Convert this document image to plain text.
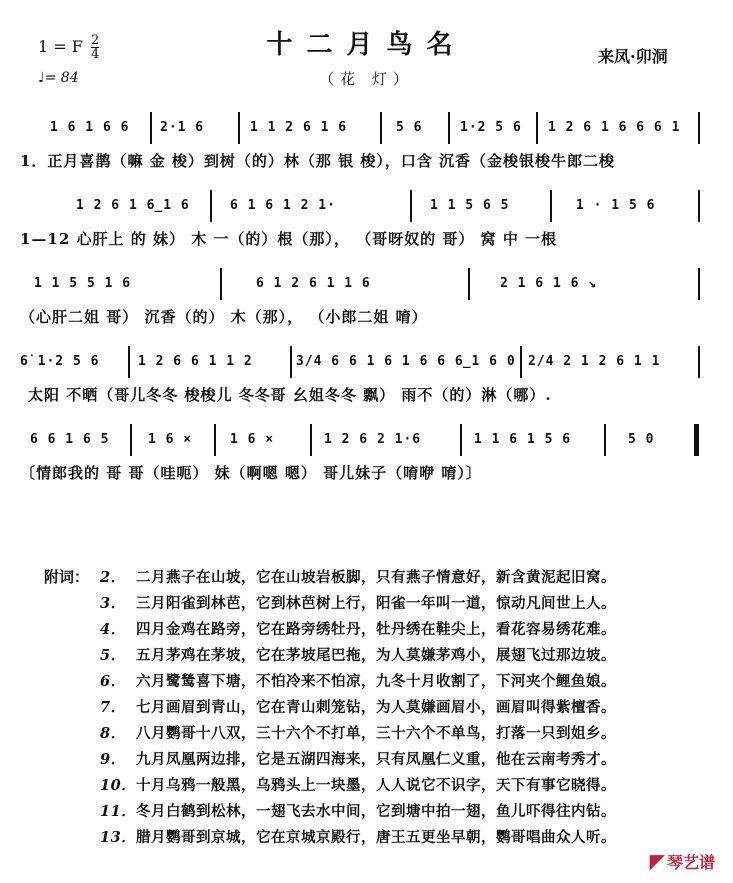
1 = F $\frac{2}{4}$
♩= 84
十二月鸟名
（花 灯）
来凤·卯洞
1 6 1 6 6 2·1 6	1 1 2 6 1 6	5 6	1·2 5 6 1 2 6 1 6 6 6 1
1．正月喜鹊（嘛 金 梭）到树（的）林（那 银 梭），口含 沉香（金梭银梭牛郎二梭
1 2 6 1 6̲1 6	6 1 6 1 2 1·	1 1 5 6 5	1 · 1 5 6
1—12 心肝上 的 妹） 木 一（的）根（那）， （哥呀奴的 哥） 窝 中 一根
1 1 5 5 1 6	6 1 2 6 1 1 6	2 1 6 1 6 ↘
（心肝二姐 哥） 沉香（的） 木（那）， （小郎二姐 唷）
6̇ 1·2 5 6	1 2 6 6 1 1 2	3/4 6 6 1 6 1 6 6 6̲1 6 0 2/4 2 1 2 6 1 1
太阳 不晒（哥儿冬冬 梭梭儿 冬冬哥 幺姐冬冬 飘） 雨不（的）淋（哪）.
6 6 1 6 5	1 6 ×	1 6 ×	1 2 6 2 1·6	1 1 6 1 5 6	5 0
〔情郎我的 哥 哥（哇呃） 妹（啊嗯 嗯） 哥儿妹子（唷咿 唷）〕
附词： 2． 二月燕子在山坡，它在山坡岩板脚，只有燕子情意好，新含黄泥起旧窝。
3． 三月阳雀到林芭，它到林芭树上行，阳雀一年叫一道，惊动凡间世上人。
4． 四月金鸡在路旁，它在路旁绣牡丹，牡丹绣在鞋尖上，看花容易绣花难。
5． 五月茅鸡在茅坡，它在茅坡尾巴拖，为人莫嫌茅鸡小，展翅飞过那边坡。
6． 六月鹭鸶喜下塘，不怕冷来不怕凉，九冬十月收割了，下河夹个鲤鱼娘。
7． 七月画眉到青山，它在青山刺笼钻，为人莫嫌画眉小，画眉叫得紫檀香。
8． 八月鹦哥十八双，三十六个不打单，三十六个不单鸟，打落一只到姐乡。
9． 九月凤凰两边排，它是五湖四海来，只有凤凰仁义重，他在云南考秀才。
10．十月乌鸦一般黑，乌鸦头上一块墨，人人说它不识字，天下有事它晓得。
11．冬月白鹤到松林，一翅飞去水中间，它到塘中拍一翅，鱼儿吓得往内钻。
13．腊月鹦哥到京城，它在京城京殿行，唐王五更坐早朝，鹦哥唱曲众人听。
◤ 琴艺谱
